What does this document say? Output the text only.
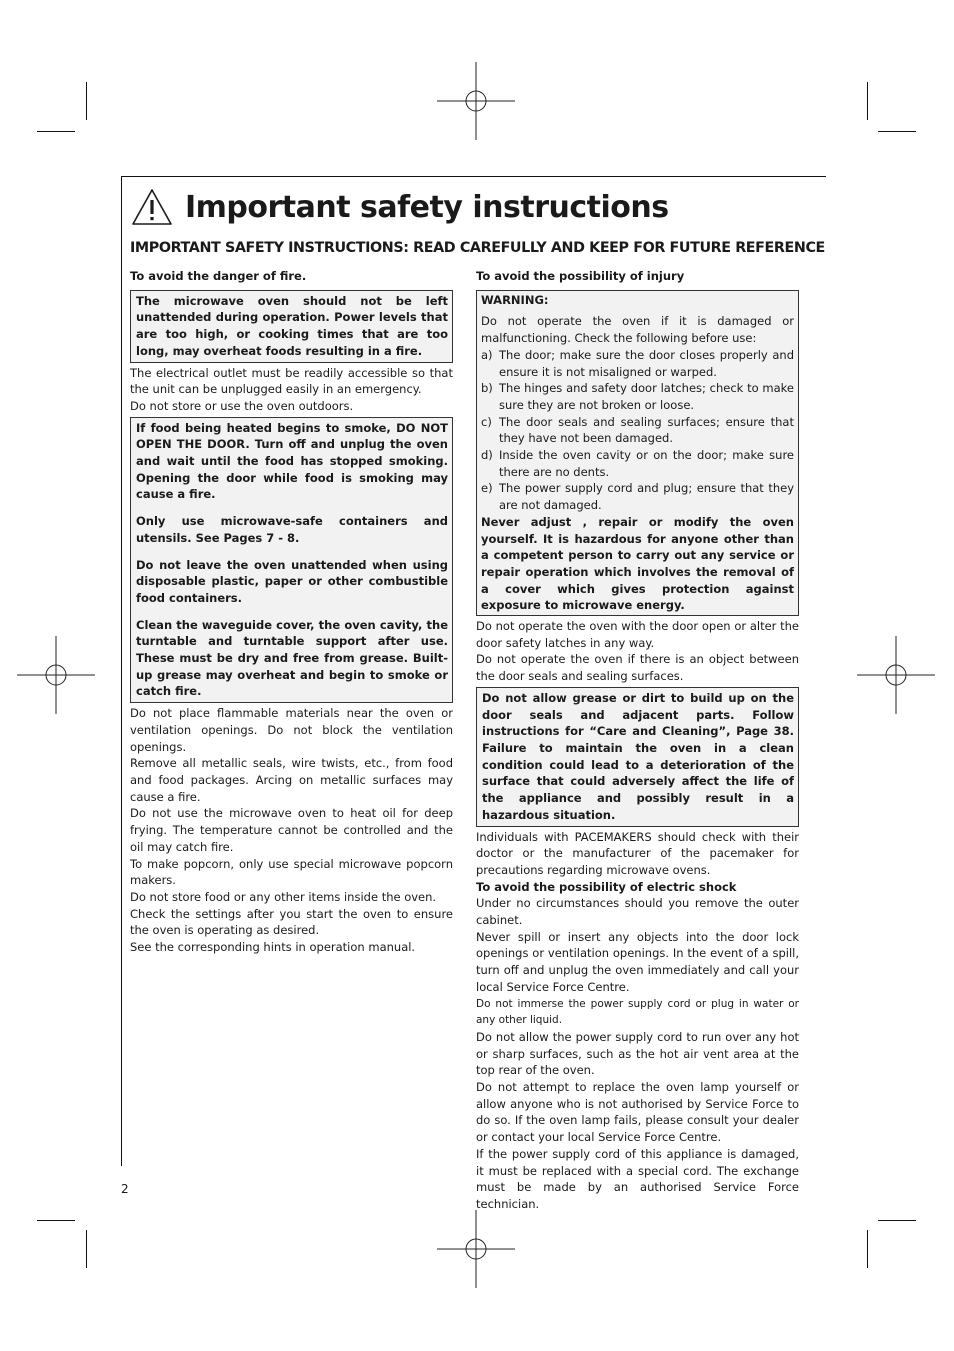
Important safety instructions
IMPORTANT SAFETY INSTRUCTIONS: READ CAREFULLY AND KEEP FOR FUTURE REFERENCE

To avoid the danger of fire.

The microwave oven should not be left unattended during operation. Power levels that are too high, or cooking times that are too long, may overheat foods resulting in a fire.

The electrical outlet must be readily accessible so that the unit can be unplugged easily in an emergency.

Do not store or use the oven outdoors.

If food being heated begins to smoke, DO NOT OPEN THE DOOR. Turn off and unplug the oven and wait until the food has stopped smoking. Opening the door while food is smoking may cause a fire.

Only use microwave-safe containers and utensils. See Pages 7 - 8.

Do not leave the oven unattended when using disposable plastic, paper or other combustible food containers.

Clean the waveguide cover, the oven cavity, the turntable and turntable support after use. These must be dry and free from grease. Built-up grease may overheat and begin to smoke or catch fire.

Do not place flammable materials near the oven or ventilation openings. Do not block the ventilation openings.

Remove all metallic seals, wire twists, etc., from food and food packages. Arcing on metallic surfaces may cause a fire.

Do not use the microwave oven to heat oil for deep frying. The temperature cannot be controlled and the oil may catch fire.

To make popcorn, only use special microwave popcorn makers.

Do not store food or any other items inside the oven.

Check the settings after you start the oven to ensure the oven is operating as desired.

See the corresponding hints in operation manual.

To avoid the possibility of injury

WARNING:

Do not operate the oven if it is damaged or malfunctioning. Check the following before use:

a) The door; make sure the door closes properly and ensure it is not misaligned or warped.
b) The hinges and safety door latches; check to make sure they are not broken or loose.
c) The door seals and sealing surfaces; ensure that they have not been damaged.
d) Inside the oven cavity or on the door; make sure there are no dents.
e) The power supply cord and plug; ensure that they are not damaged.

Never adjust , repair or modify the oven yourself. It is hazardous for anyone other than a competent person to carry out any service or repair operation which involves the removal of a cover which gives protection against exposure to microwave energy.

Do not operate the oven with the door open or alter the door safety latches in any way.

Do not operate the oven if there is an object between the door seals and sealing surfaces.

Do not allow grease or dirt to build up on the door seals and adjacent parts. Follow instructions for “Care and Cleaning”, Page 38. Failure to maintain the oven in a clean condition could lead to a deterioration of the surface that could adversely affect the life of the appliance and possibly result in a hazardous situation.

Individuals with PACEMAKERS should check with their doctor or the manufacturer of the pacemaker for precautions regarding microwave ovens.

To avoid the possibility of electric shock

Under no circumstances should you remove the outer cabinet.

Never spill or insert any objects into the door lock openings or ventilation openings. In the event of a spill, turn off and unplug the oven immediately and call your local Service Force Centre.

Do not immerse the power supply cord or plug in water or any other liquid.

Do not allow the power supply cord to run over any hot or sharp surfaces, such as the hot air vent area at the top rear of the oven.

Do not attempt to replace the oven lamp yourself or allow anyone who is not authorised by Service Force to do so. If the oven lamp fails, please consult your dealer or contact your local Service Force Centre.

If the power supply cord of this appliance is damaged, it must be replaced with a special cord. The exchange must be made by an authorised Service Force technician.

2
